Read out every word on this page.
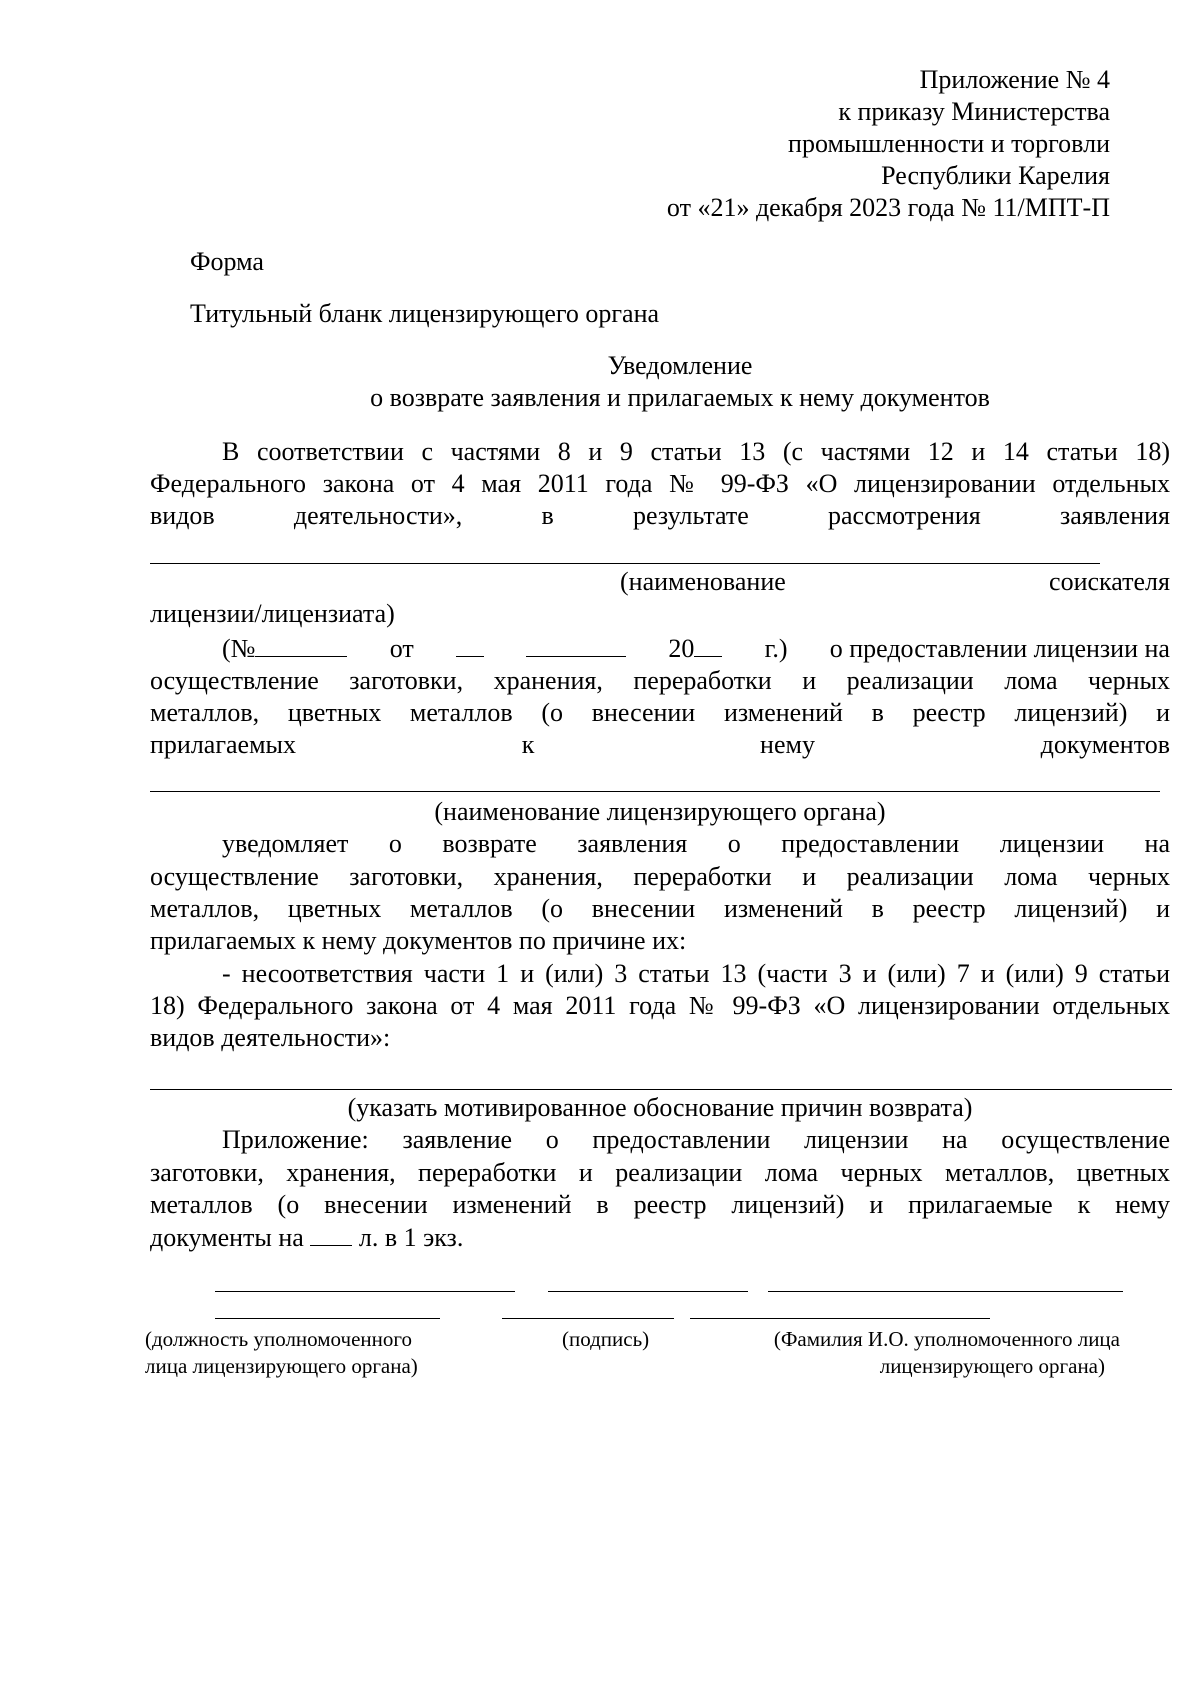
Приложение № 4
к приказу Министерства
промышленности и торговли
Республики Карелия
от «21» декабря 2023 года № 11/МПТ-П
Форма
Титульный бланк лицензирующего органа
Уведомление
о возврате заявления и прилагаемых к нему документов
В соответствии с частями 8 и 9 статьи 13 (с частями 12 и 14 статьи 18)
Федерального закона от 4 мая 2011 года № 99-ФЗ «О лицензировании отдельных
видов деятельности», в результате рассмотрения заявления
(наименование соискателя
лицензии/лицензиата)
(№	от	20	г.) о предоставлении лицензии на
осуществление заготовки, хранения, переработки и реализации лома черных
металлов, цветных металлов (о внесении изменений в реестр лицензий) и
прилагаемых к нему документов
(наименование лицензирующего органа)
уведомляет о возврате заявления о предоставлении лицензии на
осуществление заготовки, хранения, переработки и реализации лома черных
металлов, цветных металлов (о внесении изменений в реестр лицензий) и
прилагаемых к нему документов по причине их:
- несоответствия части 1 и (или) 3 статьи 13 (части 3 и (или) 7 и (или) 9 статьи
18) Федерального закона от 4 мая 2011 года № 99-ФЗ «О лицензировании отдельных
видов деятельности»:
(указать мотивированное обоснование причин возврата)
Приложение: заявление о предоставлении лицензии на осуществление
заготовки, хранения, переработки и реализации лома черных металлов, цветных
металлов (о внесении изменений в реестр лицензий) и прилагаемые к нему
документы на л. в 1 экз.
(должность уполномоченного
лица лицензирующего органа)
(подпись)	(Фамилия И.О. уполномоченного лица
лицензирующего органа)
